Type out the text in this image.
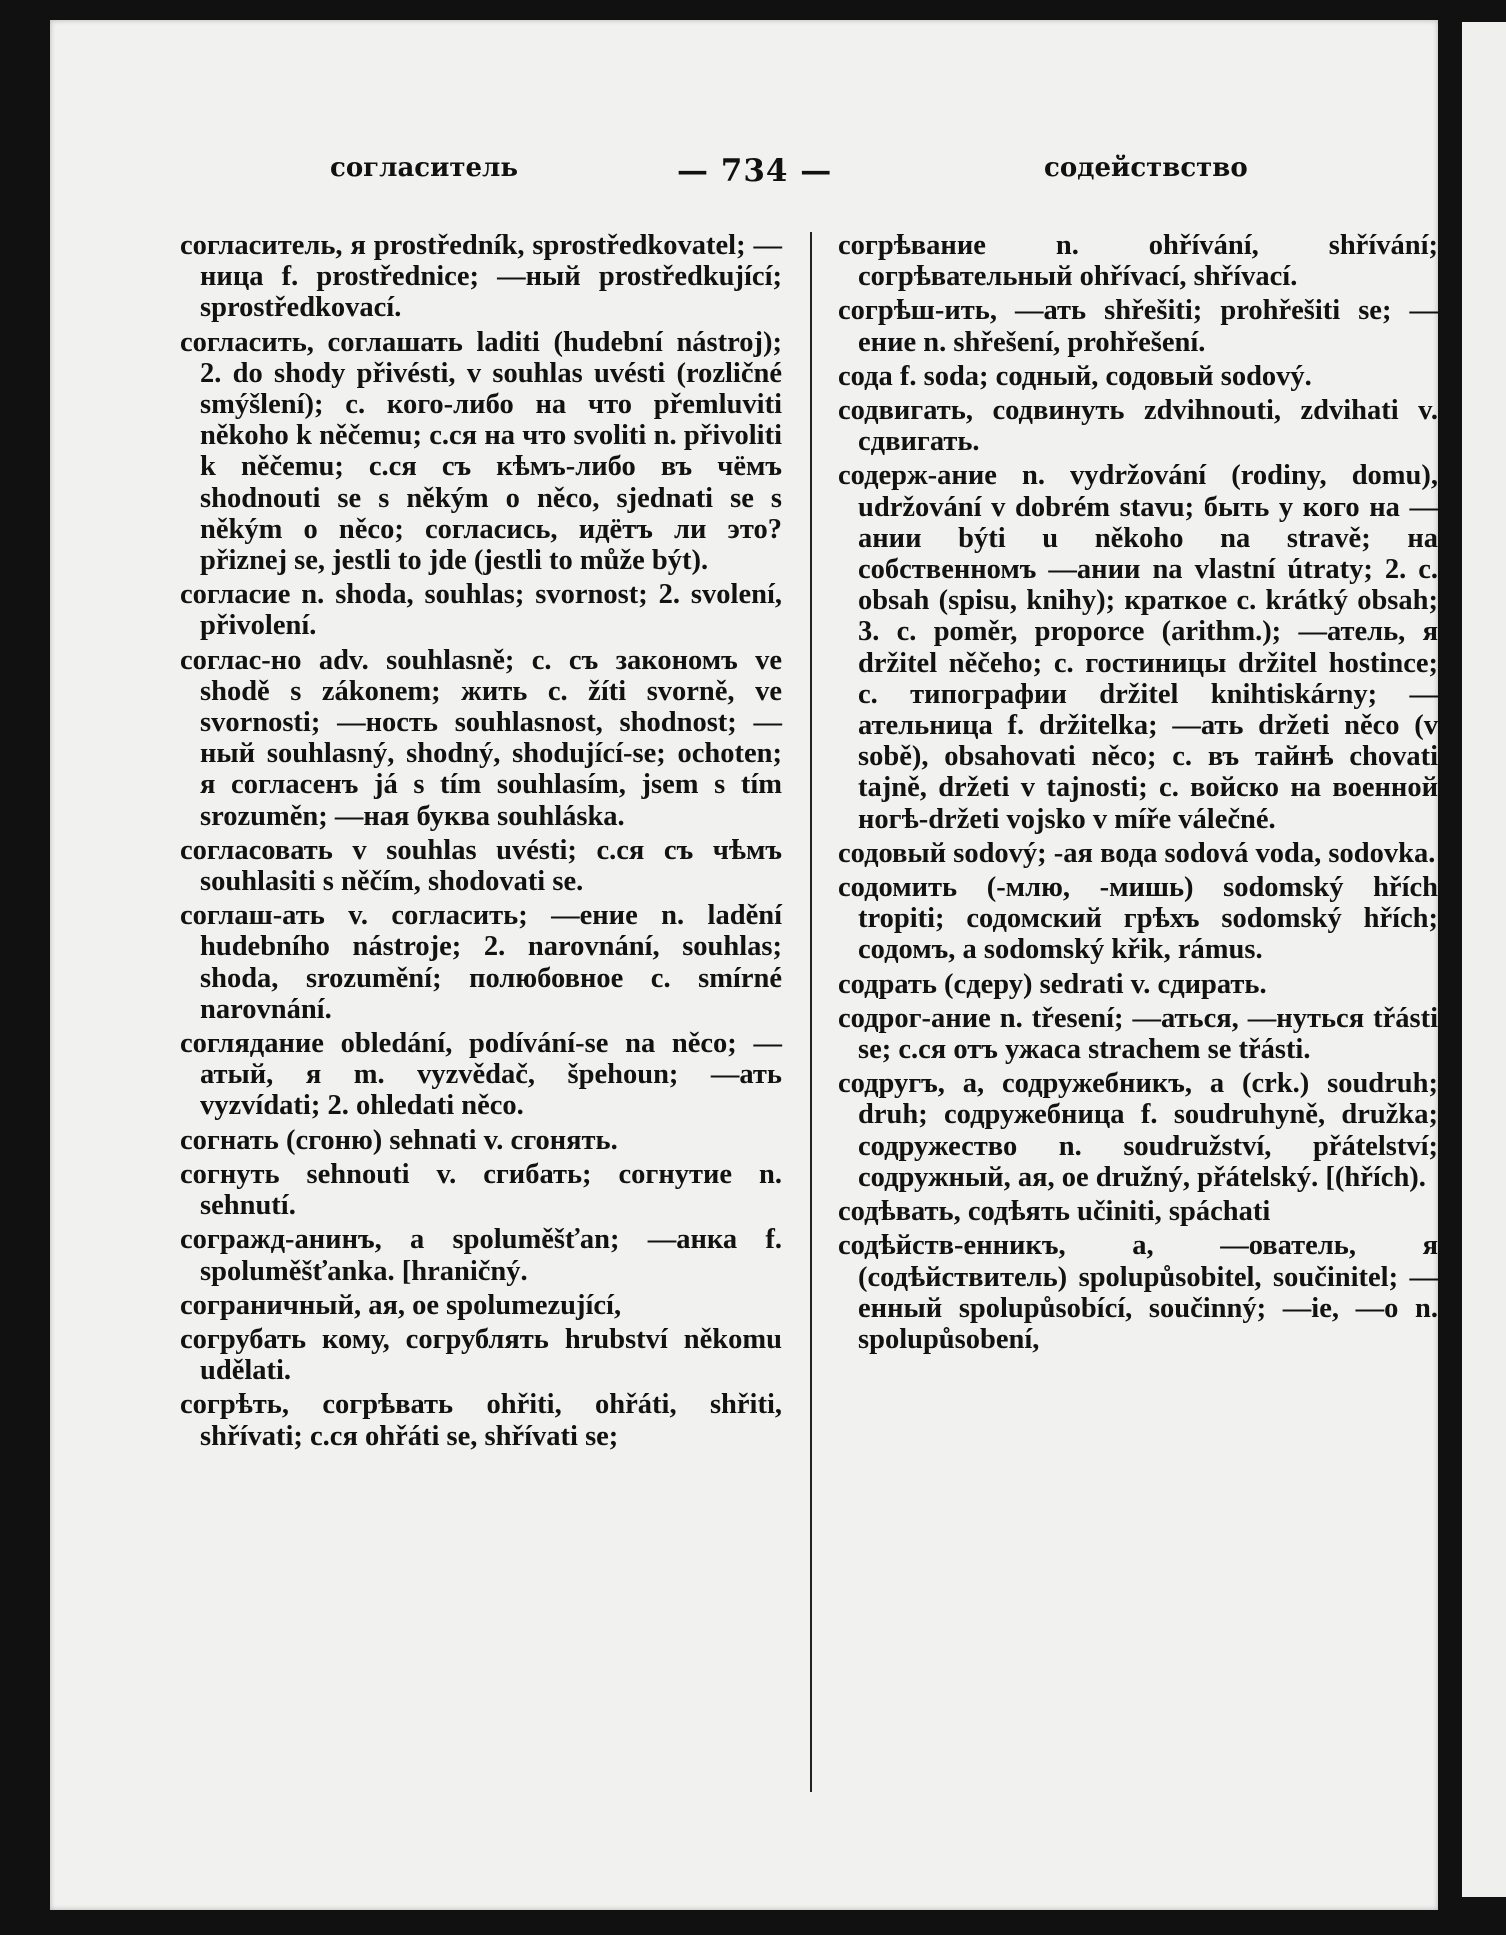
согласитель	— 734 —	содействство

согласитель, я prostředník, sprostředkovatel; —ница f. prostřednice; —ный prostředkující; sprostředkovací.

согласить, соглашать laditi (hudební nástroj); 2. do shody přivésti, v souhlas uvésti (rozličné smýšlení); c. кого-либо на что přemluviti někoho k něčemu; с.ся на что svoliti n. přivoliti k něčemu; с.ся съ кѣмъ-либо въ чёмъ shodnouti se s někým o něco, sjednati se s někým o něco; согласись, идётъ ли это? přiznej se, jestli to jde (jestli to může být).

согласие n. shoda, souhlas; svornost; 2. svolení, přivolení.

соглас-но adv. souhlasně; c. съ закономъ ve shodě s zákonem; жить c. žíti svorně, ve svornosti; —ность souhlasnost, shodnost; —ный souhlasný, shodný, shodující-se; ochoten; я согласенъ já s tím souhlasím, jsem s tím srozuměn; —ная буква souhláska.

согласовать v souhlas uvésti; с.ся съ чѣмъ souhlasiti s něčím, shodovati se.

соглаш-ать v. согласить; —ение n. ladění hudebního nástroje; 2. narovnání, souhlas; shoda, srozumění; полюбовное с. smírné narovnání.

соглядание obledání, podívání-se na něco; —атый, я m. vyzvědač, špehoun; —ать vyzvídati; 2. ohledati něco.

согнать (сгоню) sehnati v. сгонять.

согнуть sehnouti v. сгибать; согнутие n. sehnutí.

согражд-анинъ, a spoluměšťan; —анка f. spoluměšťanka. [hraničný.

сограничный, ая, ое spolumezující,

согрубать кому, согрублять hrubství někomu udělati.

согрѣть, согрѣвать ohřiti, ohřáti, shřiti, shřívati; с.ся ohřáti se, shřívati se;

согрѣвание n. ohřívání, shřívání; согрѣвательный ohřívací, shřívací.

согрѣш-ить, —ать shřešiti; prohřešiti se; —ение n. shřešení, prohřešení.

сода f. soda; содный, содовый sodový.

содвигать, содвинуть zdvihnouti, zdvihati v. сдвигать.

содерж-ание n. vydržování (rodiny, domu), udržování v dobrém stavu; быть у кого на —ании býti u někoho na stravě; на собственномъ —ании na vlastní útraty; 2. c. obsah (spisu, knihy); краткое c. krátký obsah; 3. c. poměr, proporce (arithm.); —атель, я držitel něčeho; c. гостиницы držitel hostince; c. типографии držitel knihtiskárny; —ательница f. držitelka; —ать držeti něco (v sobě), obsahovati něco; c. въ тайнѣ chovati tajně, držeti v tajnosti; c. войско на военной ногѣ-držeti vojsko v míře válečné.

содовый sodový; -ая вода sodová voda, sodovka.

содомить (-млю, -мишь) sodomský hřích tropiti; содомский грѣхъ sodomský hřích; содомъ, а sodomský křik, rámus.

содрать (сдеру) sedrati v. сдирать.

содрог-ание n. třesení; —аться, —нуться třásti se; с.ся отъ ужаса strachem se třásti.

содругъ, а, содружебникъ, а (crk.) soudruh; druh; содружебница f. soudruhyně, družka; содружество n. soudružství, přátelství; содружный, ая, ое družný, přátelský. [(hřích).

содѣвать, содѣять učiniti, spáchati

содѣйств-енникъ, а, —ователь, я (содѣйствитель) spolupůsobitel, součinitel; —енный spolupůsobící, součinný; —ie, —о n. spolupůsobení,
